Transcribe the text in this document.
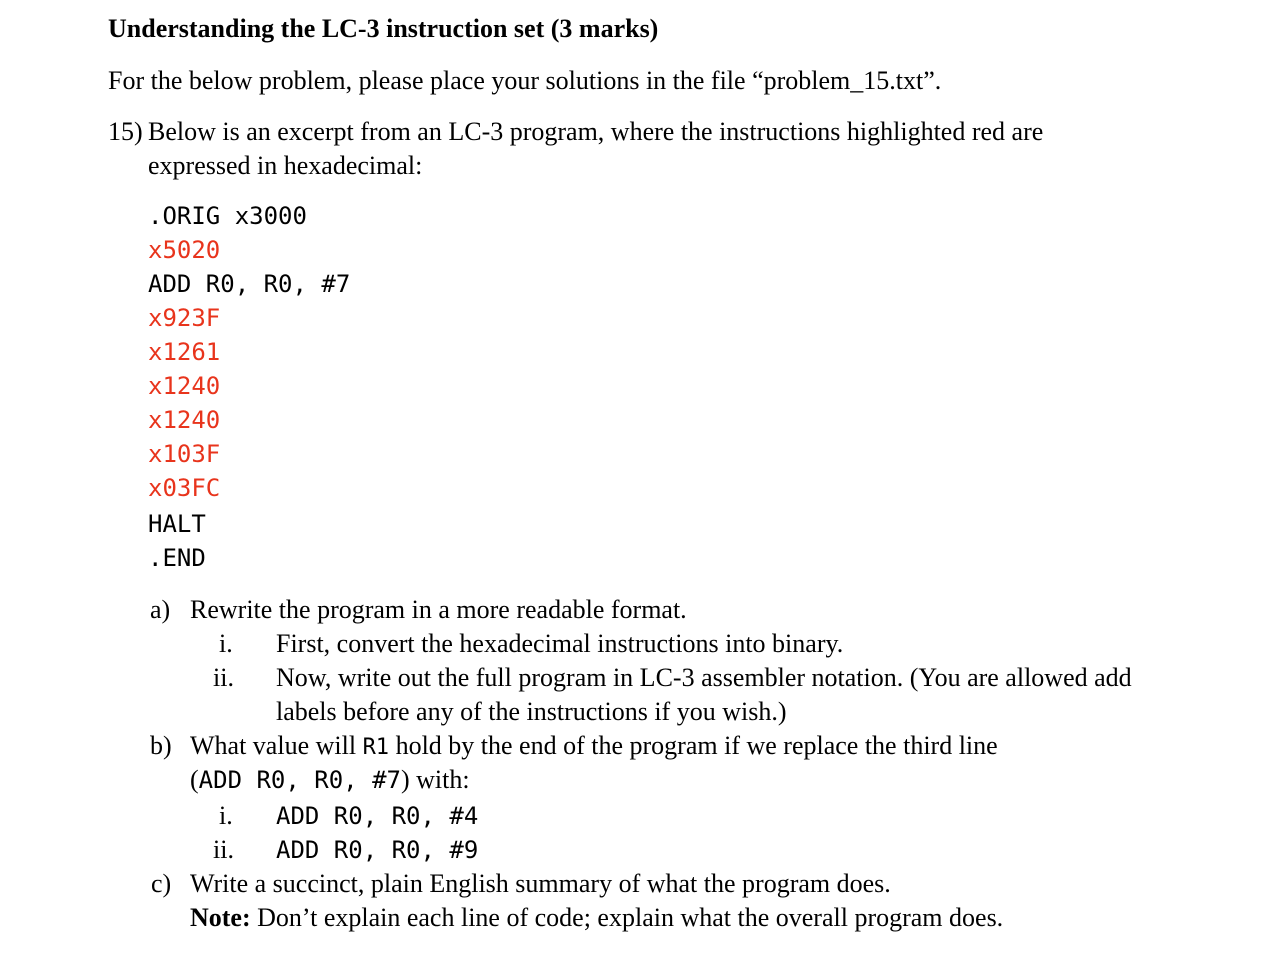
Understanding the LC-3 instruction set (3 marks)
For the below problem, please place your solutions in the file “problem_15.txt”.
15) Below is an excerpt from an LC-3 program, where the instructions highlighted red are
expressed in hexadecimal:
.ORIG x3000
x5020
ADD R0, R0, #7
x923F
x1261
x1240
x1240
x103F
x03FC
HALT
.END
a) Rewrite the program in a more readable format.
i. First, convert the hexadecimal instructions into binary.
ii. Now, write out the full program in LC-3 assembler notation. (You are allowed add
labels before any of the instructions if you wish.)
b) What value will R1 hold by the end of the program if we replace the third line
(ADD R0, R0, #7) with:
i. ADD R0, R0, #4
ii. ADD R0, R0, #9
c) Write a succinct, plain English summary of what the program does.
Note: Don’t explain each line of code; explain what the overall program does.
